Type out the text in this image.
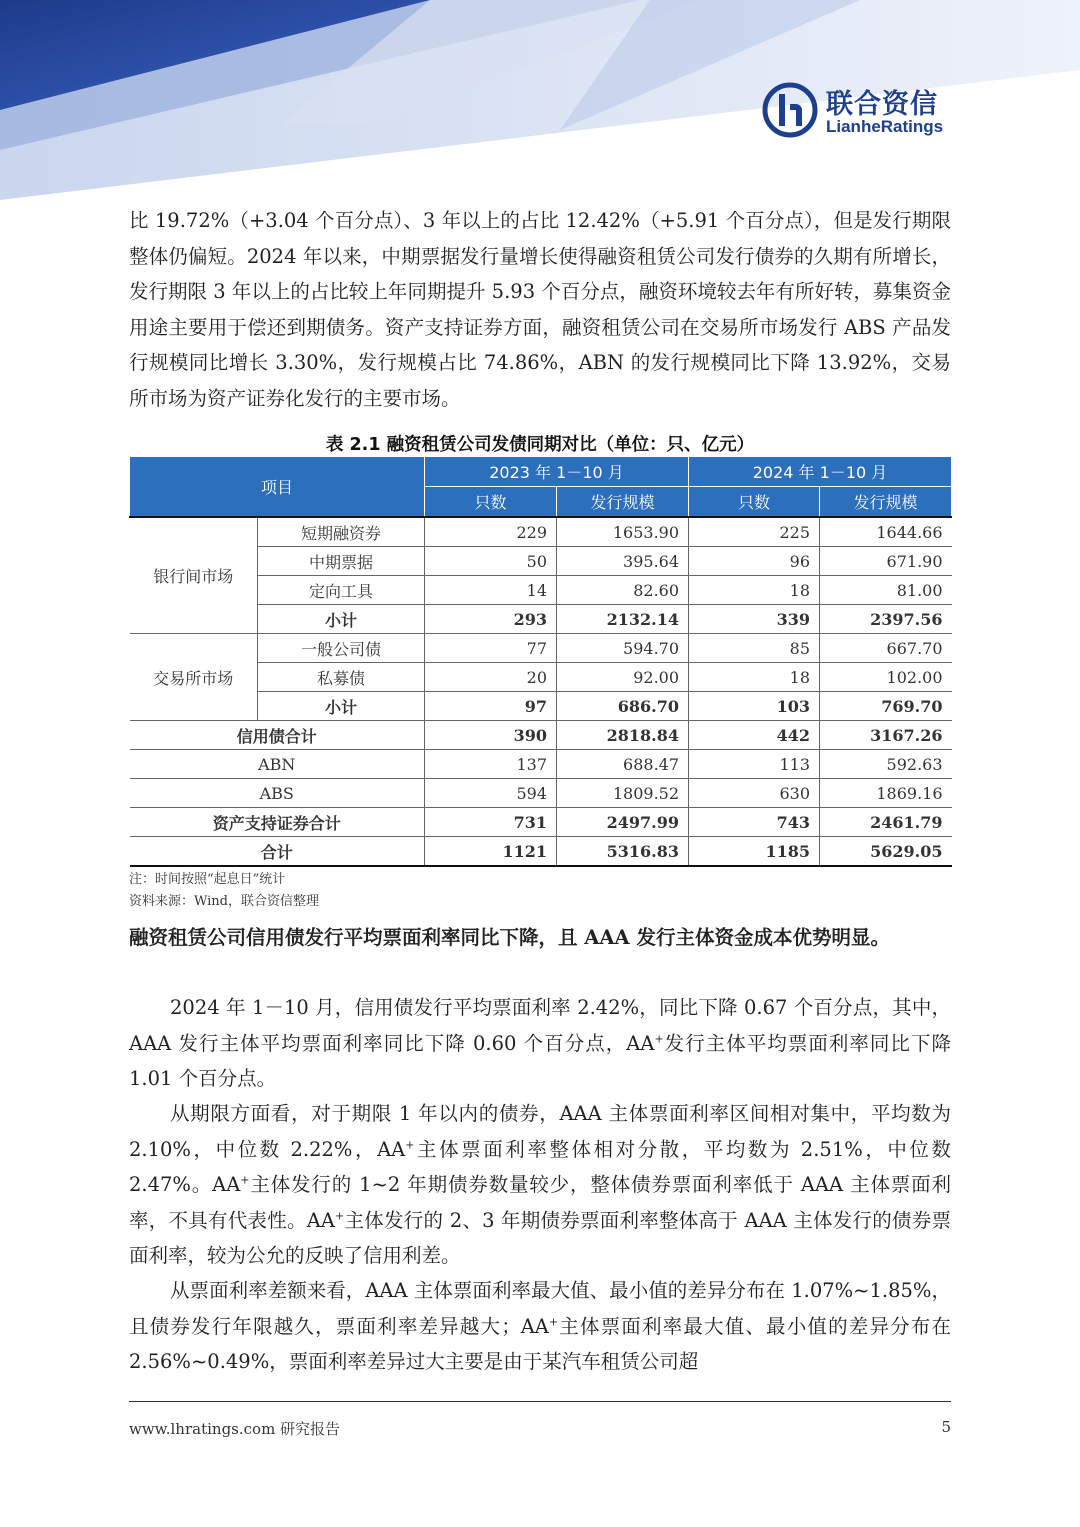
联合资信
LianheRatings

比 19.72%（+3.04 个百分点）、3 年以上的占比 12.42%（+5.91 个百分点），但是发行期限整体仍偏短。2024 年以来，中期票据发行量增长使得融资租赁公司发行债券的久期有所增长，发行期限 3 年以上的占比较上年同期提升 5.93 个百分点，融资环境较去年有所好转，募集资金用途主要用于偿还到期债务。资产支持证券方面，融资租赁公司在交易所市场发行 ABS 产品发行规模同比增长 3.30%，发行规模占比 74.86%，ABN 的发行规模同比下降 13.92%，交易所市场为资产证券化发行的主要市场。

表 2.1 融资租赁公司发债同期对比（单位：只、亿元）
项目		2023 年 1－10 月		2024 年 1－10 月	
		只数	发行规模	只数	发行规模
银行间市场	短期融资券	229	1653.90	225	1644.66
	中期票据	50	395.64	96	671.90
	定向工具	14	82.60	18	81.00
	小计	293	2132.14	339	2397.56
交易所市场	一般公司债	77	594.70	85	667.70
	私募债	20	92.00	18	102.00
	小计	97	686.70	103	769.70
信用债合计		390	2818.84	442	3167.26
ABN		137	688.47	113	592.63
ABS		594	1809.52	630	1869.16
资产支持证券合计		731	2497.99	743	2461.79
合计		1121	5316.83	1185	5629.05
注：时间按照“起息日”统计
资料来源：Wind，联合资信整理

融资租赁公司信用债发行平均票面利率同比下降，且 AAA 发行主体资金成本优势明显。

2024 年 1－10 月，信用债发行平均票面利率 2.42%，同比下降 0.67 个百分点，其中，AAA 发行主体平均票面利率同比下降 0.60 个百分点，AA+发行主体平均票面利率同比下降 1.01 个百分点。

从期限方面看，对于期限 1 年以内的债券，AAA 主体票面利率区间相对集中，平均数为 2.10%，中位数 2.22%，AA+主体票面利率整体相对分散，平均数为 2.51%，中位数 2.47%。AA+主体发行的 1~2 年期债券数量较少，整体债券票面利率低于 AAA 主体票面利率，不具有代表性。AA+主体发行的 2、3 年期债券票面利率整体高于 AAA 主体发行的债券票面利率，较为公允的反映了信用利差。

从票面利率差额来看，AAA 主体票面利率最大值、最小值的差异分布在 1.07%~1.85%，且债券发行年限越久，票面利率差异越大；AA+主体票面利率最大值、最小值的差异分布在 2.56%~0.49%，票面利率差异过大主要是由于某汽车租赁公司超

www.lhratings.com 研究报告	5
